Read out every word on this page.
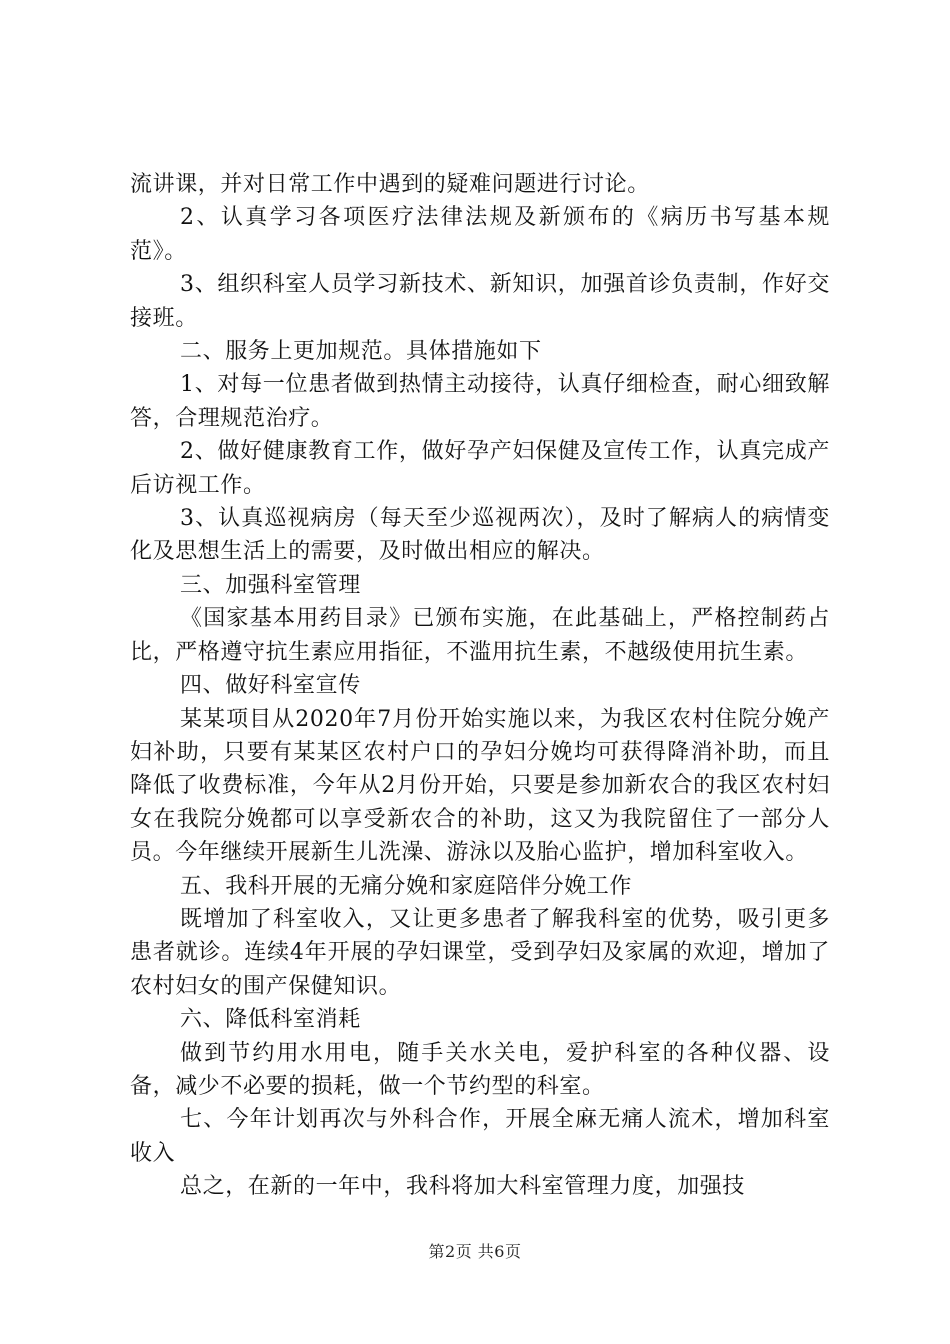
流讲课，并对日常工作中遇到的疑难问题进行讨论。

2、认真学习各项医疗法律法规及新颁布的《病历书写基本规范》。

3、组织科室人员学习新技术、新知识，加强首诊负责制，作好交接班。

二、服务上更加规范。具体措施如下

1、对每一位患者做到热情主动接待，认真仔细检查，耐心细致解答，合理规范治疗。

2、做好健康教育工作，做好孕产妇保健及宣传工作，认真完成产后访视工作。

3、认真巡视病房（每天至少巡视两次），及时了解病人的病情变化及思想生活上的需要，及时做出相应的解决。

三、加强科室管理

《国家基本用药目录》已颁布实施，在此基础上，严格控制药占比，严格遵守抗生素应用指征，不滥用抗生素，不越级使用抗生素。

四、做好科室宣传

某某项目从2020年7月份开始实施以来，为我区农村住院分娩产妇补助，只要有某某区农村户口的孕妇分娩均可获得降消补助，而且降低了收费标准，今年从2月份开始，只要是参加新农合的我区农村妇女在我院分娩都可以享受新农合的补助，这又为我院留住了一部分人员。今年继续开展新生儿洗澡、游泳以及胎心监护，增加科室收入。

五、我科开展的无痛分娩和家庭陪伴分娩工作

既增加了科室收入，又让更多患者了解我科室的优势，吸引更多患者就诊。连续4年开展的孕妇课堂，受到孕妇及家属的欢迎，增加了农村妇女的围产保健知识。

六、降低科室消耗

做到节约用水用电，随手关水关电，爱护科室的各种仪器、设备，减少不必要的损耗，做一个节约型的科室。

七、今年计划再次与外科合作，开展全麻无痛人流术，增加科室收入

总之，在新的一年中，我科将加大科室管理力度，加强技

第2页 共6页
